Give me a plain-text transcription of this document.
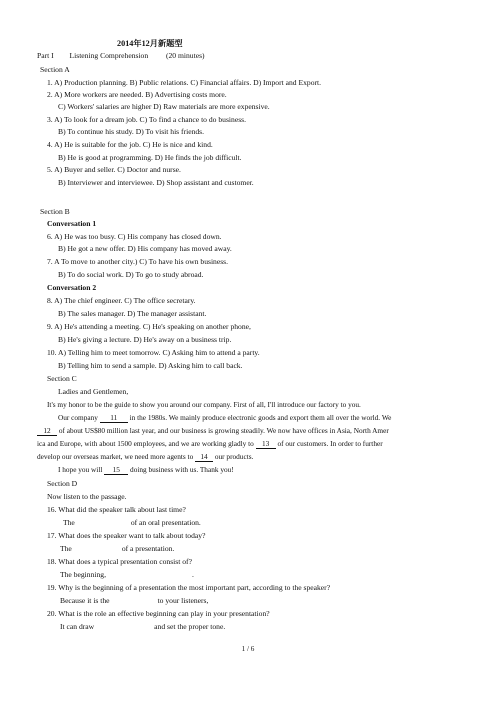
2014年12月新题型
Part I Listening Comprehension (20 minutes)
Section A
1. A) Production planning. B) Public relations. C) Financial affairs. D) Import and Export.
2. A) More workers are needed. B) Advertising costs more.
C) Workers' salaries are higher D) Raw materials are more expensive.
3. A) To look for a dream job. C) To find a chance to do business.
B) To continue his study. D) To visit his friends.
4. A) He is suitable for the job. C) He is nice and kind.
B) He is good at programming. D) He finds the job difficult.
5. A) Buyer and seller. C) Doctor and nurse.
B) Interviewer and interviewee. D) Shop assistant and customer.
Section B
Conversation 1
6. A) He was too busy. C) His company has closed down.
B) He got a new offer. D) His company has moved away.
7. A To move to another city.) C) To have his own business.
B) To do social work. D) To go to study abroad.
Conversation 2
8. A) The chief engineer. C) The office secretary.
B) The sales manager. D) The manager assistant.
9. A) He's attending a meeting. C) He's speaking on another phone,
B) He's giving a lecture. D) He's away on a business trip.
10. A) Telling him to meet tomorrow. C) Asking him to attend a party.
B) Telling him to send a sample. D) Asking him to call back.
Section C
Ladies and Gentlemen,
It's my honor to be the guide to show you around our company. First of all, I'll introduce our factory to you.
Our company 11 in the 1980s. We mainly produce electronic goods and export them all over the world. We
12 of about US$80 million last year, and our business is growing steadily. We now have offices in Asia, North Amer
ica and Europe, with about 1500 employees, and we are working gladly to 13 of our customers. In order to further
develop our overseas market, we need more agents to 14 our products.
I hope you will 15 doing business with us. Thank you!
Section D
Now listen to the passage.
16. What did the speaker talk about last time?
The	of an oral presentation.
17. What does the speaker want to talk about today?
The	of a presentation.
18. What does a typical presentation consist of?
The beginning,	.
19. Why is the beginning of a presentation the most important part, according to the speaker?
Because it is the	to your listeners,
20. What is the role an effective beginning can play in your presentation?
It can draw	and set the proper tone.
1 / 6
